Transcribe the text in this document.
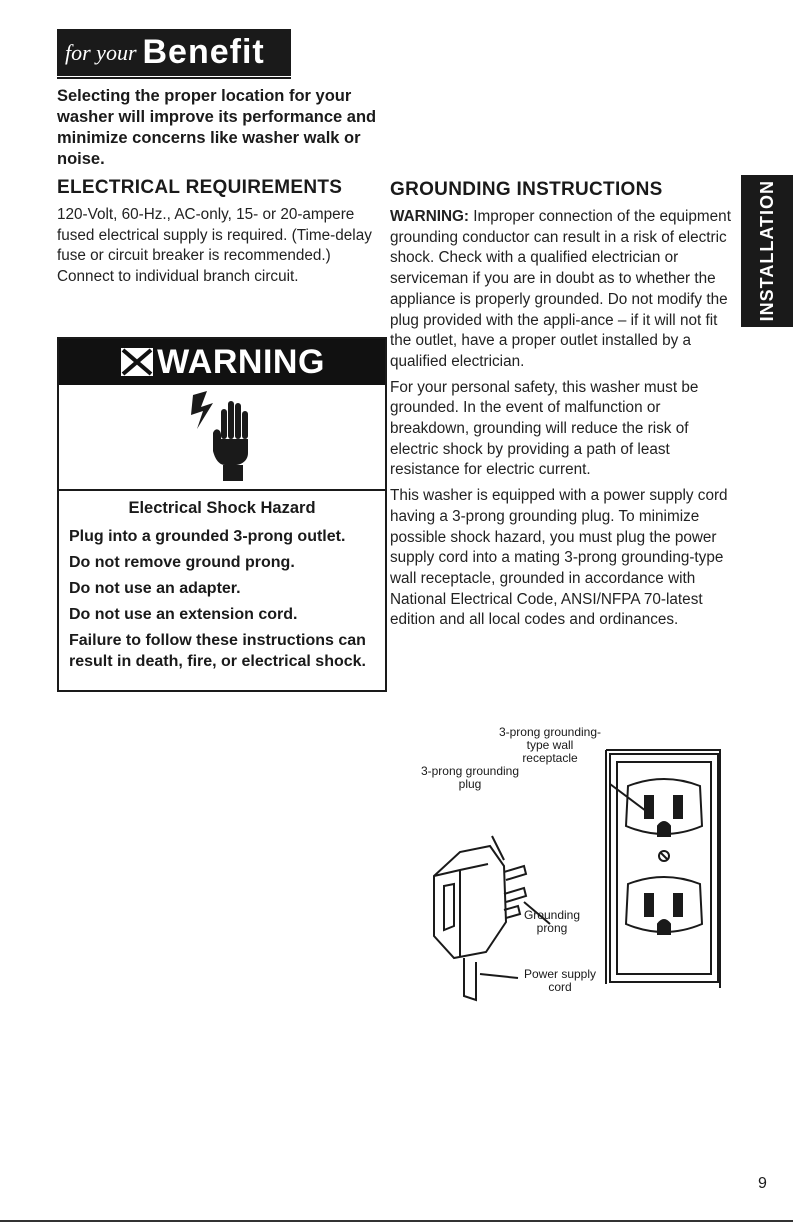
for your Benefit

Selecting the proper location for your washer will improve its performance and minimize concerns like washer walk or noise.

ELECTRICAL REQUIREMENTS

120-Volt, 60-Hz., AC-only, 15- or 20-ampere fused electrical supply is required. (Time-delay fuse or circuit breaker is recommended.) Connect to individual branch circuit.

WARNING

Electrical Shock Hazard

Plug into a grounded 3-prong outlet.

Do not remove ground prong.

Do not use an adapter.

Do not use an extension cord.

Failure to follow these instructions can result in death, fire, or electrical shock.

GROUNDING INSTRUCTIONS

WARNING: Improper connection of the equipment grounding conductor can result in a risk of electric shock. Check with a qualified electrician or serviceman if you are in doubt as to whether the appliance is properly grounded. Do not modify the plug provided with the appli-ance – if it will not fit the outlet, have a proper outlet installed by a qualified electrician.

For your personal safety, this washer must be grounded. In the event of malfunction or breakdown, grounding will reduce the risk of electric shock by providing a path of least resistance for electric current.

This washer is equipped with a power supply cord having a 3-prong grounding plug. To minimize possible shock hazard, you must plug the power supply cord into a mating 3-prong grounding-type wall receptacle, grounded in accordance with National Electrical Code, ANSI/NFPA 70-latest edition and all local codes and ordinances.

INSTALLATION
3-prong grounding-type wall receptacle
3-prong grounding plug
Grounding prong
Power supply cord
9
